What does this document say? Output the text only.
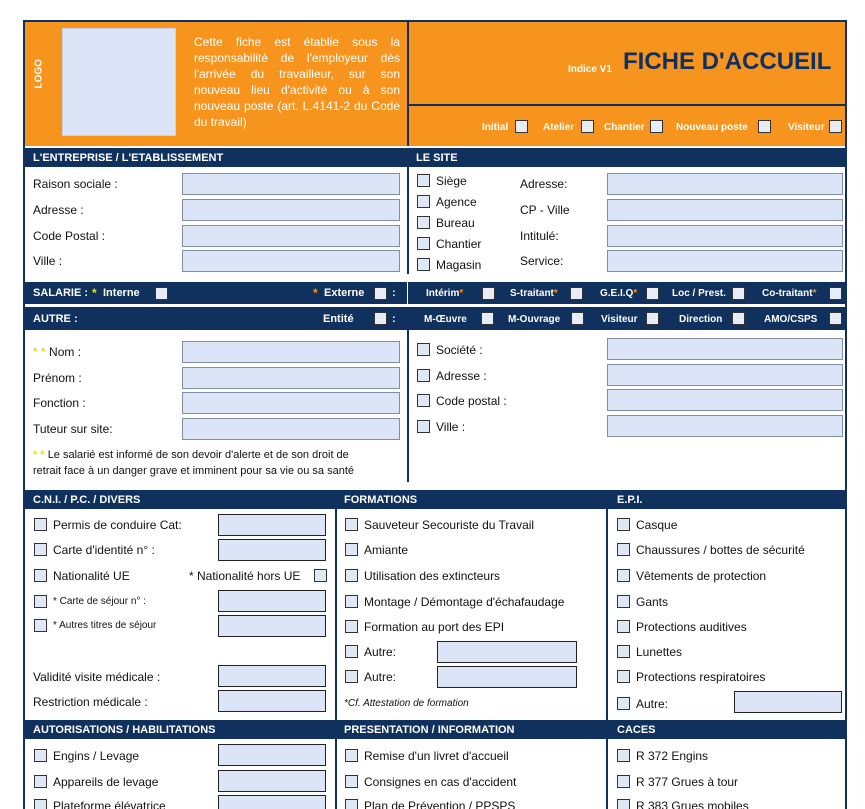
LOGO
Cette fiche est établie sous la responsabilité de l'employeur dès l'arrivée du travailleur, sur son nouveau lieu d'activité ou à son nouveau poste (art. L.4141-2 du Code du travail)
Indice V1 FICHE D'ACCUEIL
Initial	Atelier	Chantier	Nouveau poste	Visiteur
L'ENTREPRISE / L'ETABLISSEMENT	LE SITE
Raison sociale :
Adresse :
Code Postal :
Ville :
Siège
Agence
Bureau
Chantier
Magasin
Adresse:
CP - Ville
Intitulé:
Service:
SALARIE : * Interne	* Externe	:	Intérim*	S-traitant*	G.E.I.Q*	Loc / Prest.	Co-traitant*
AUTRE :	Entité	:	M-Œuvre	M-Ouvrage	Visiteur	Direction	AMO/CSPS
* * Nom :
Prénom :
Fonction :
Tuteur sur site:
Société :
Adresse :
Code postal :
Ville :
* * Le salarié est informé de son devoir d'alerte et de son droit de
retrait face à un danger grave et imminent pour sa vie ou sa santé
C.N.I. / P.C. / DIVERS	FORMATIONS	E.P.I.
Permis de conduire Cat:
Carte d'identité n° :
Nationalité UE	* Nationalité hors UE
* Carte de séjour n° :
* Autres titres de séjour
Validité visite médicale :
Restriction médicale :
Sauveteur Secouriste du Travail
Amiante
Utilisation des extincteurs
Montage / Démontage d'échafaudage
Formation au port des EPI
Autre:
Autre:
*Cf. Attestation de formation
Casque
Chaussures / bottes de sécurité
Vêtements de protection
Gants
Protections auditives
Lunettes
Protections respiratoires
Autre:
AUTORISATIONS / HABILITATIONS	PRESENTATION / INFORMATION	CACES
Engins / Levage
Appareils de levage
Plateforme élévatrice
Remise d'un livret d'accueil
Consignes en cas d'accident
Plan de Prévention / PPSPS
R 372 Engins
R 377 Grues à tour
R 383 Grues mobiles
